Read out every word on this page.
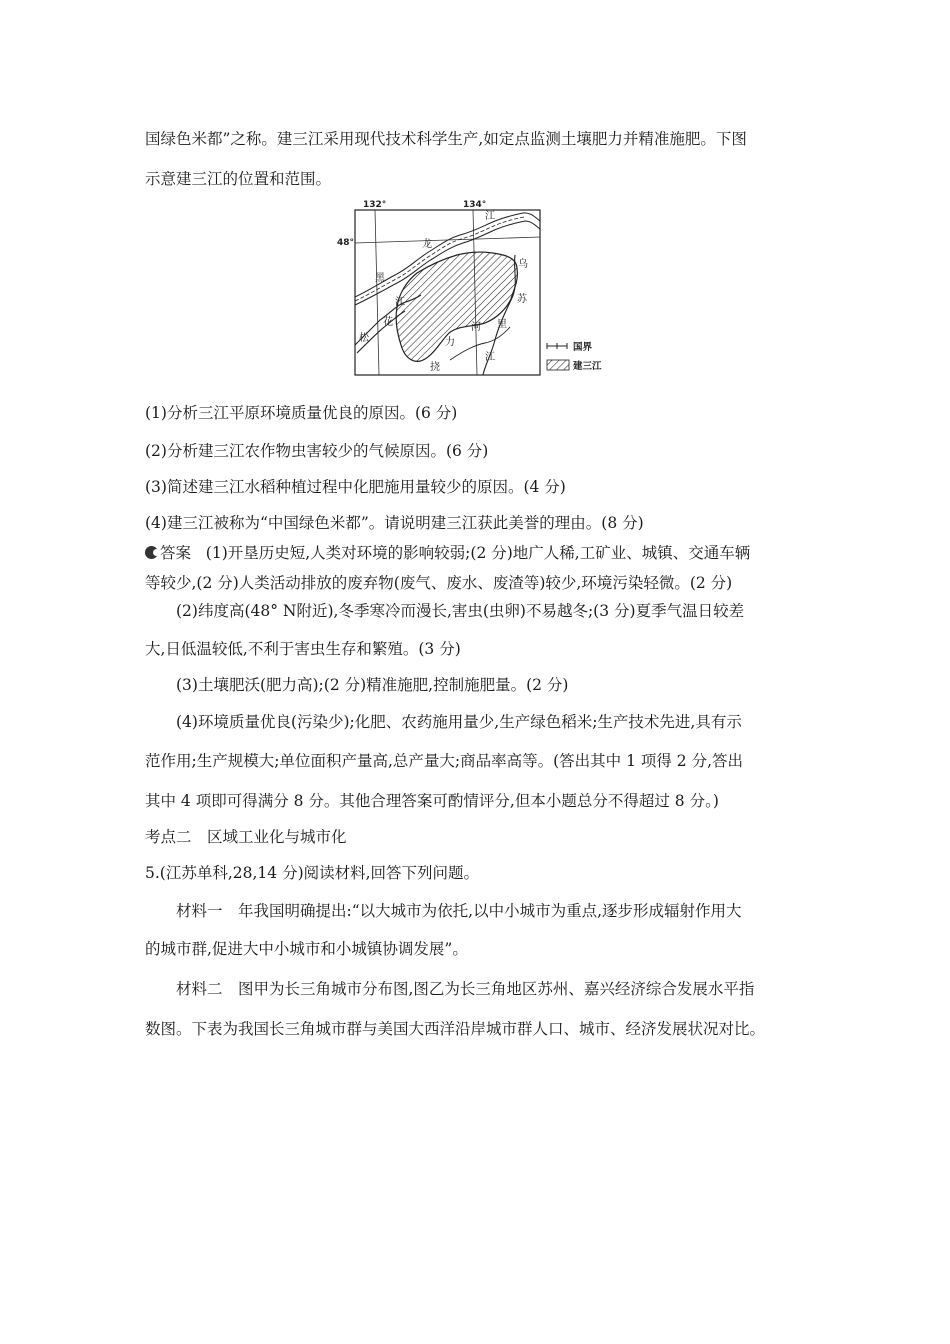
国绿色米都”之称。建三江采用现代技术科学生产,如定点监测土壤肥力并精准施肥。下图
示意建三江的位置和范围。
132°	134°
48°
江
龙
乌
黑
苏
江
里
花	河
松	力
江
挠
国界
建三江
(1)分析三江平原环境质量优良的原因。(6 分)
(2)分析建三江农作物虫害较少的气候原因。(6 分)
(3)简述建三江水稻种植过程中化肥施用量较少的原因。(4 分)
(4)建三江被称为“中国绿色米都”。请说明建三江获此美誉的理由。(8 分)
答案 (1)开垦历史短,人类对环境的影响较弱;(2 分)地广人稀,工矿业、城镇、交通车辆
等较少,(2 分)人类活动排放的废弃物(废气、废水、废渣等)较少,环境污染轻微。(2 分)
(2)纬度高(48° N附近),冬季寒冷而漫长,害虫(虫卵)不易越冬;(3 分)夏季气温日较差
大,日低温较低,不利于害虫生存和繁殖。(3 分)
(3)土壤肥沃(肥力高);(2 分)精准施肥,控制施肥量。(2 分)
(4)环境质量优良(污染少);化肥、农药施用量少,生产绿色稻米;生产技术先进,具有示
范作用;生产规模大;单位面积产量高,总产量大;商品率高等。(答出其中 1 项得 2 分,答出
其中 4 项即可得满分 8 分。其他合理答案可酌情评分,但本小题总分不得超过 8 分。)
考点二　区域工业化与城市化
5.(江苏单科,28,14 分)阅读材料,回答下列问题。
材料一　年我国明确提出:“以大城市为依托,以中小城市为重点,逐步形成辐射作用大
的城市群,促进大中小城市和小城镇协调发展”。
材料二　图甲为长三角城市分布图,图乙为长三角地区苏州、嘉兴经济综合发展水平指
数图。下表为我国长三角城市群与美国大西洋沿岸城市群人口、城市、经济发展状况对比。
